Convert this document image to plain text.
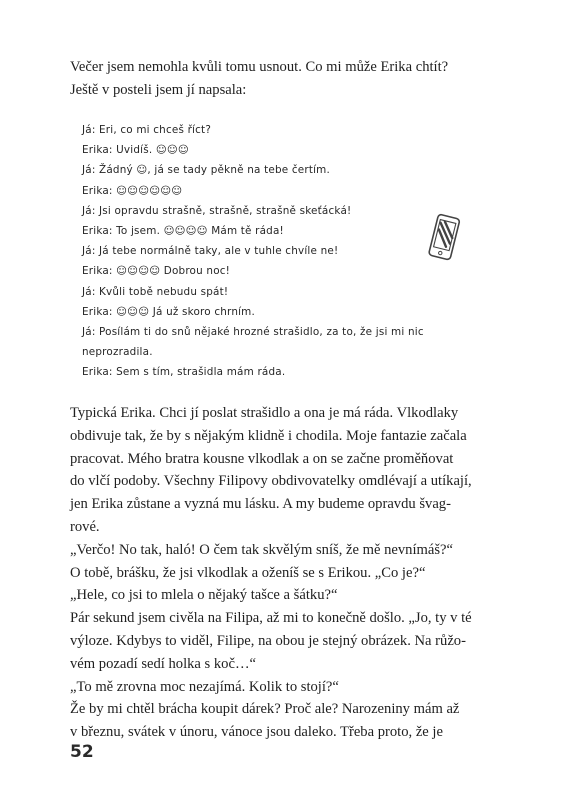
Večer jsem nemohla kvůli tomu usnout. Co mi může Erika chtít?
Ještě v posteli jsem jí napsala:

Já: Eri, co mi chceš říct?
Erika: Uvidíš. ☺☺☺
Já: Žádný ☺, já se tady pěkně na tebe čertím.
Erika: ☺☺☺☺☺☺
Já: Jsi opravdu strašně, strašně, strašně skeťácká!
Erika: To jsem. ☺☺☺☺ Mám tě ráda!
Já: Já tebe normálně taky, ale v tuhle chvíle ne!
Erika: ☺☺☺☺ Dobrou noc!
Já: Kvůli tobě nebudu spát!
Erika: ☺☺☺ Já už skoro chrním.
Já: Posílám ti do snů nějaké hrozné strašidlo, za to, že jsi mi nic
neprozradila.
Erika: Sem s tím, strašidla mám ráda.
Typická Erika. Chci jí poslat strašidlo a ona je má ráda. Vlkodlaky
obdivuje tak, že by s nějakým klidně i chodila. Moje fantazie začala
pracovat. Mého bratra kousne vlkodlak a on se začne proměňovat
do vlčí podoby. Všechny Filipovy obdivovatelky omdlévají a utíkají,
jen Erika zůstane a vyzná mu lásku. A my budeme opravdu švag-
rové.
„Verčo! No tak, haló! O čem tak skvělým sníš, že mě nevnímáš?“
O tobě, brášku, že jsi vlkodlak a oženíš se s Erikou. „Co je?“
„Hele, co jsi to mlela o nějaký tašce a šátku?“
Pár sekund jsem civěla na Filipa, až mi to konečně došlo. „Jo, ty v té
výloze. Kdybys to viděl, Filipe, na obou je stejný obrázek. Na růžo-
vém pozadí sedí holka s koč…“
„To mě zrovna moc nezajímá. Kolik to stojí?“
Že by mi chtěl brácha koupit dárek? Proč ale? Narozeniny mám až
v březnu, svátek v únoru, vánoce jsou daleko. Třeba proto, že je
52
